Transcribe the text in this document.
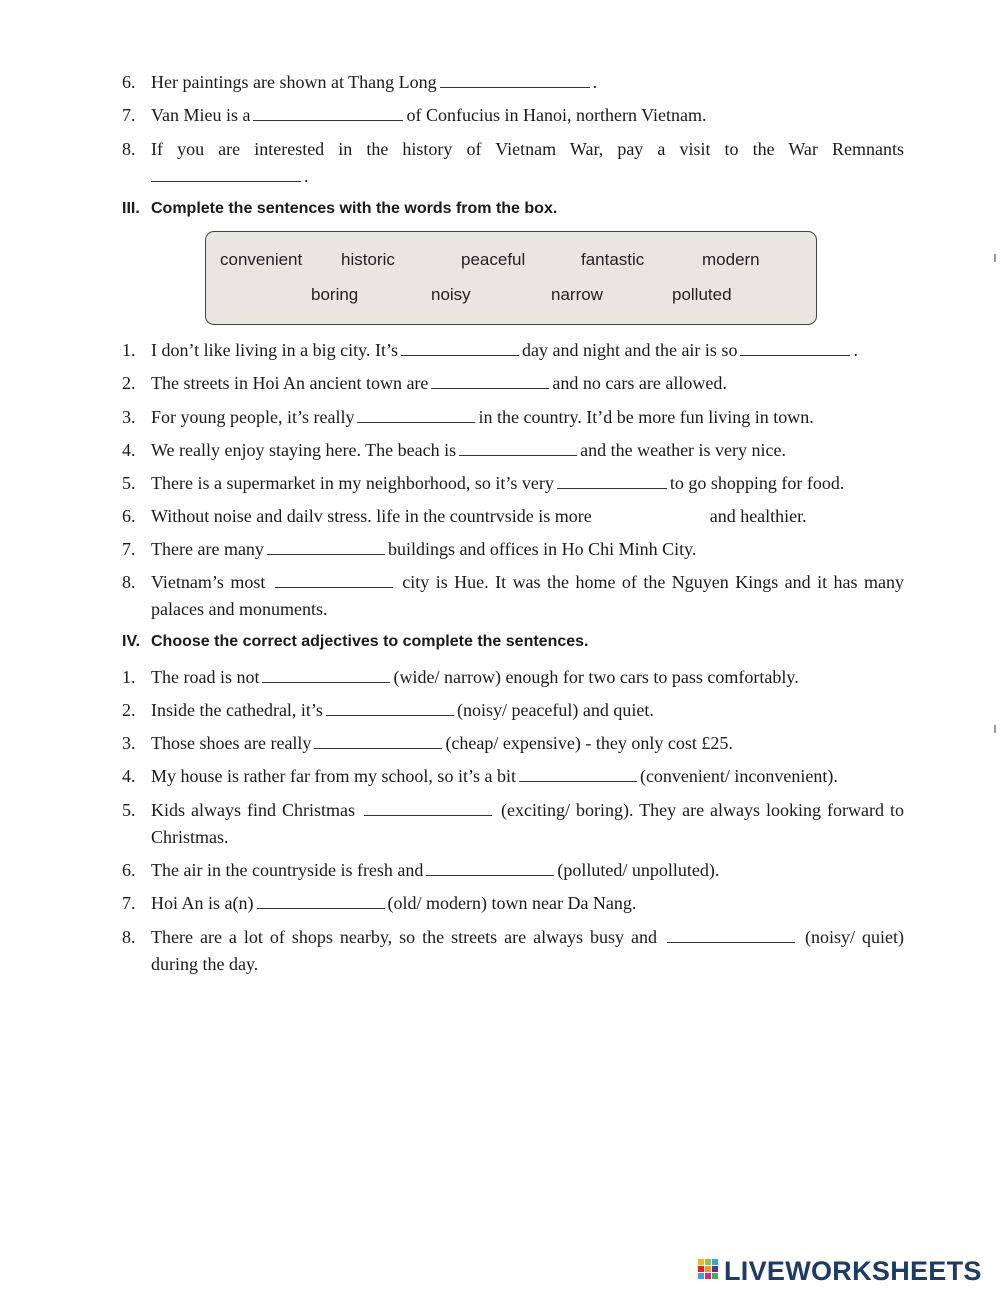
6. Her paintings are shown at Thang Long	.

7. Van Mieu is a	of Confucius in Hanoi, northern Vietnam.

8. If you are interested in the history of Vietnam War, pay a visit to the War Remnants .

III. Complete the sentences with the words from the box.

convenient historic	peaceful	fantastic	modern
boring	noisy	narrow	polluted

1. I don’t like living in a big city. It’s	day and night and the air is so	.

2. The streets in Hoi An ancient town are	and no cars are allowed.

3. For young people, it’s really	in the country. It’d be more fun living in town.

4. We really enjoy staying here. The beach is	and the weather is very nice.

5. There is a supermarket in my neighborhood, so it’s very	to go shopping for food.

6. Without noise and dailv stress. life in the countrvside is more	and healthier.

7. There are many	buildings and offices in Ho Chi Minh City.

8. Vietnam’s most	city is Hue. It was the home of the Nguyen Kings and it has many palaces and monuments.

IV. Choose the correct adjectives to complete the sentences.

1. The road is not	(wide/ narrow) enough for two cars to pass comfortably.

2. Inside the cathedral, it’s	(noisy/ peaceful) and quiet.

3. Those shoes are really	(cheap/ expensive) - they only cost £25.

4. My house is rather far from my school, so it’s a bit	(convenient/ inconvenient).

5. Kids always find Christmas	(exciting/ boring). They are always looking forward to Christmas.

6. The air in the countryside is fresh and	(polluted/ unpolluted).

7. Hoi An is a(n)	(old/ modern) town near Da Nang.

8. There are a lot of shops nearby, so the streets are always busy and	(noisy/ quiet) during the day.

LIVEWORKSHEETS
